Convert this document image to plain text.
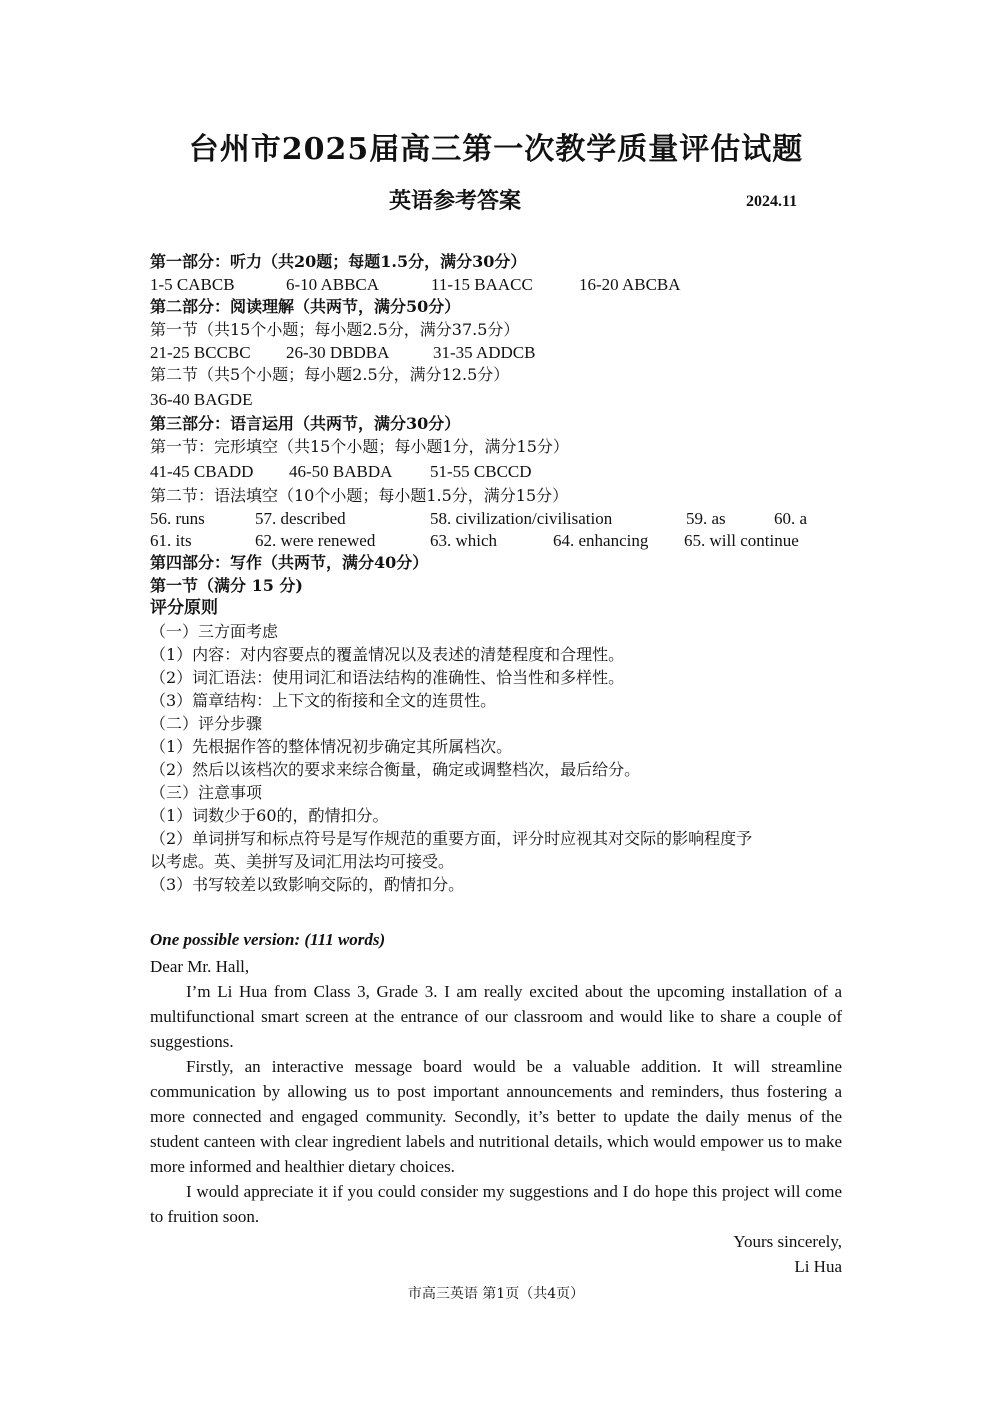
台州市2025届高三第一次教学质量评估试题
英语参考答案	2024.11
第一部分：听力（共20题；每题1.5分，满分30分）
1-5 CABCB	6-10 ABBCA	11-15 BAACC	16-20 ABCBA
第二部分：阅读理解（共两节，满分50分）
第一节（共15个小题；每小题2.5分，满分37.5分）
21-25 BCCBC	26-30 DBDBA	31-35 ADDCB
第二节（共5个小题；每小题2.5分，满分12.5分）
36-40 BAGDE
第三部分：语言运用（共两节，满分30分）
第一节：完形填空（共15个小题；每小题1分，满分15分）
41-45 CBADD	46-50 BABDA	51-55 CBCCD
第二节：语法填空（10个小题；每小题1.5分，满分15分）
56. runs	57. described	58. civilization/civilisation	59. as	60. a
61. its	62. were renewed	63. which	64. enhancing	65. will continue
第四部分：写作（共两节，满分40分）
第一节（满分 15 分)
评分原则
（一）三方面考虑
（1）内容：对内容要点的覆盖情况以及表述的清楚程度和合理性。
（2）词汇语法：使用词汇和语法结构的准确性、恰当性和多样性。
（3）篇章结构：上下文的衔接和全文的连贯性。
（二）评分步骤
（1）先根据作答的整体情况初步确定其所属档次。
（2）然后以该档次的要求来综合衡量，确定或调整档次，最后给分。
（三）注意事项
（1）词数少于60的，酌情扣分。
（2）单词拼写和标点符号是写作规范的重要方面，评分时应视其对交际的影响程度予
以考虑。英、美拼写及词汇用法均可接受。
（3）书写较差以致影响交际的，酌情扣分。
One possible version: (111 words)
Dear Mr. Hall,

I’m Li Hua from Class 3, Grade 3. I am really excited about the upcoming installation of a multifunctional smart screen at the entrance of our classroom and would like to share a couple of suggestions.

Firstly, an interactive message board would be a valuable addition. It will streamline communication by allowing us to post important announcements and reminders, thus fostering a more connected and engaged community. Secondly, it’s better to update the daily menus of the student canteen with clear ingredient labels and nutritional details, which would empower us to make more informed and healthier dietary choices.

I would appreciate it if you could consider my suggestions and I do hope this project will come to fruition soon.

Yours sincerely,
Li Hua
市高三英语 第1页（共4页）
